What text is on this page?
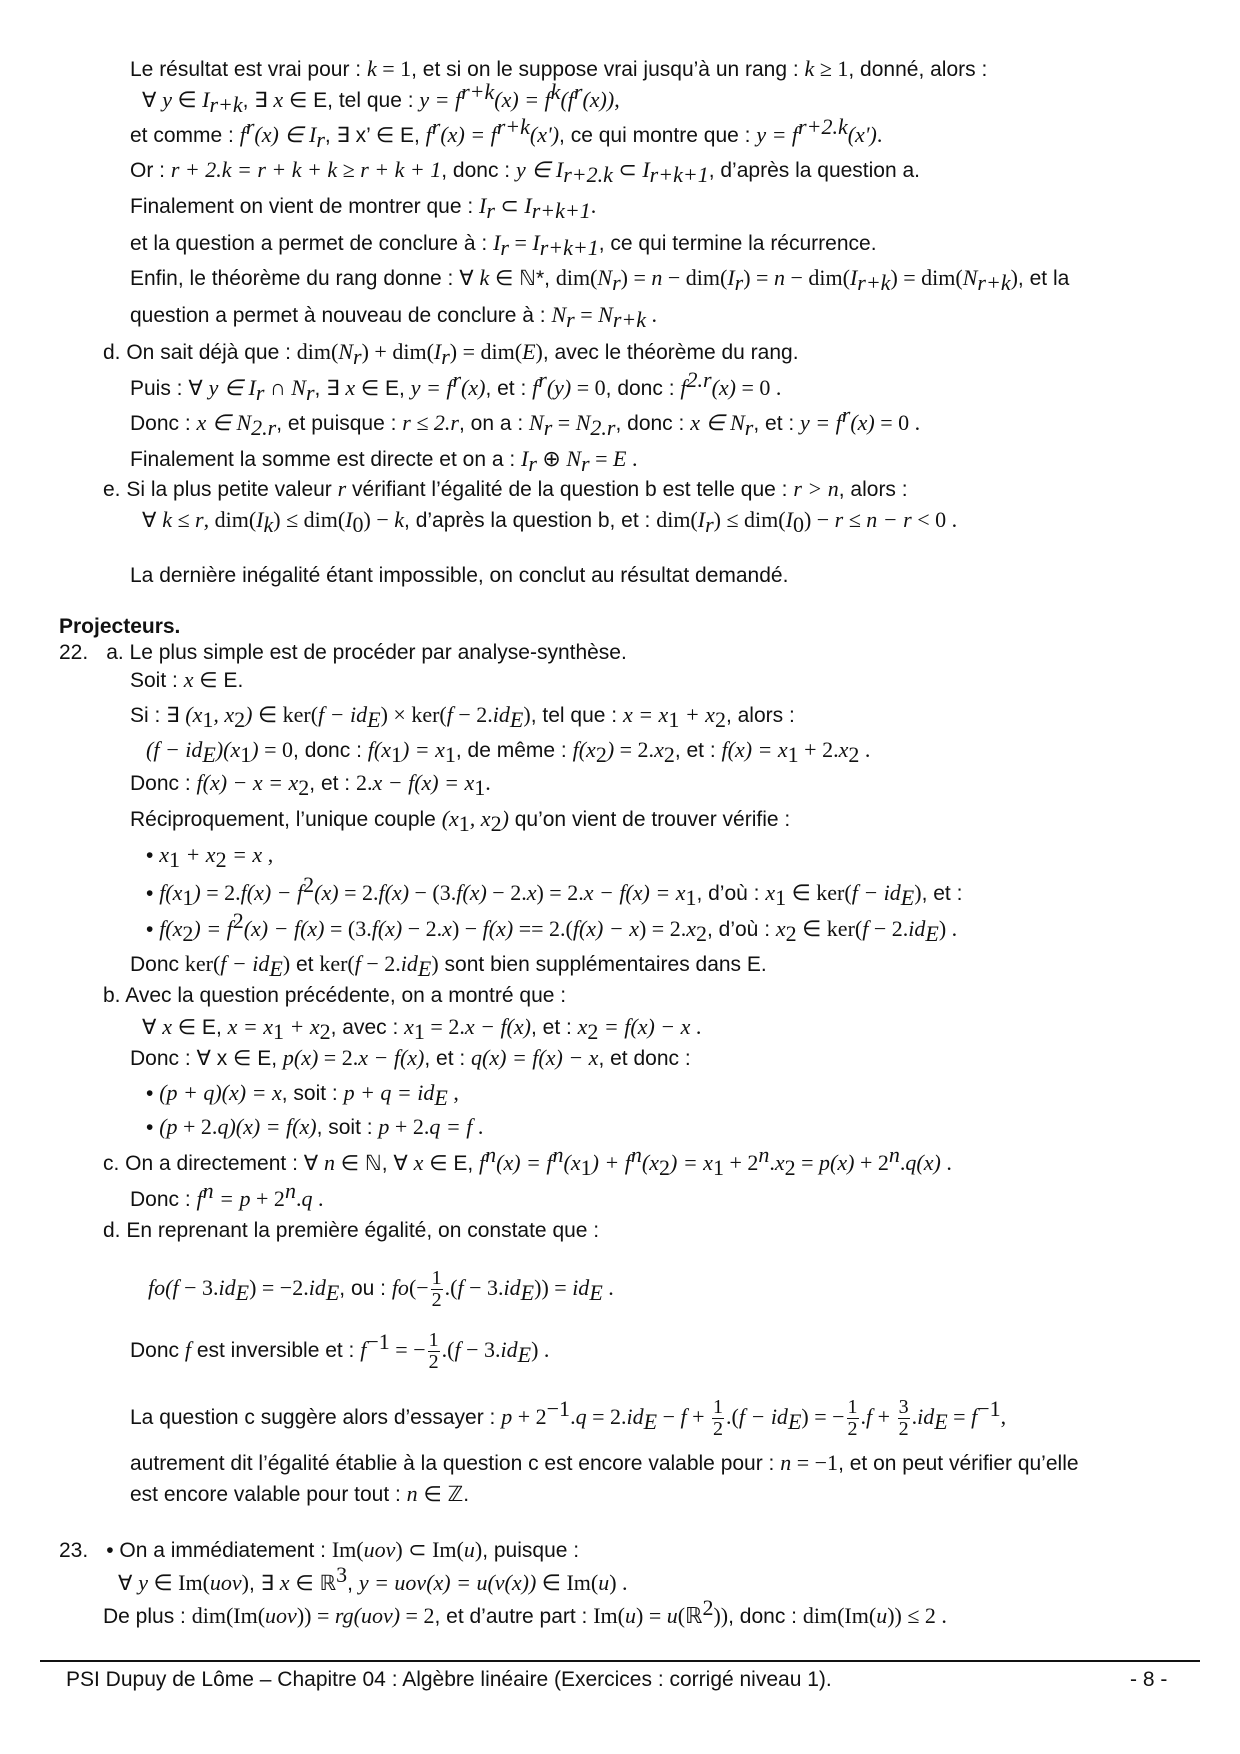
Le résultat est vrai pour : k = 1, et si on le suppose vrai jusqu’à un rang : k ≥ 1, donné, alors :
∀ y ∈ $I_{r+k}$, ∃ x ∈ E, tel que : $y = f^{r+k}(x) = f^k(f^r(x))$,
et comme : $f^r(x)$ ∈ $I_r$, ∃ x’ ∈ E, $f^r(x) = f^{r+k}(x')$, ce qui montre que : $y = f^{r+2.k}(x')$.
Or : r + 2.k = r + k + k ≥ r + k + 1, donc : y ∈ $I_{r+2.k}$ ⊂ $I_{r+k+1}$, d’après la question a.
Finalement on vient de montrer que : $I_r$ ⊂ $I_{r+k+1}$.
et la question a permet de conclure à : $I_r = I_{r+k+1}$, ce qui termine la récurrence.
Enfin, le théorème du rang donne : ∀ k ∈ ℕ*, $dim(N_r) = n - dim(I_r) = n - dim(I_{r+k}) = dim(N_{r+k})$, et la
question a permet à nouveau de conclure à : $N_r = N_{r+k}$ .
d. On sait déjà que : $dim(N_r) + dim(I_r) = dim(E)$, avec le théorème du rang.
Puis : ∀ y ∈ $I_r$ ∩ $N_r$, ∃ x ∈ E, $y = f^r(x)$, et : $f^r(y) = 0$, donc : $f^{2.r}(x) = 0$ .
Donc : x ∈ $N_{2.r}$, et puisque : r ≤ 2.r, on a : $N_r = N_{2.r}$, donc : x ∈ $N_r$, et : $y = f^r(x) = 0$ .
Finalement la somme est directe et on a : $I_r$ ⊕ $N_r = E$ .
e. Si la plus petite valeur r vérifiant l’égalité de la question b est telle que : r > n, alors :
∀ k ≤ r, $dim(I_k) \le dim(I_0) - k$, d’après la question b, et : $dim(I_r) \le dim(I_0) - r \le n - r < 0$ .
La dernière inégalité étant impossible, on conclut au résultat demandé.
Projecteurs.
22. a. Le plus simple est de procéder par analyse-synthèse.
Soit : x ∈ E.
Si : ∃ ($x_1$, $x_2$) ∈ $ker(f - id_E) \times ker(f - 2.id_E)$, tel que : $x = x_1 + x_2$, alors :
$(f - id_E)(x_1) = 0$, donc : $f(x_1) = x_1$, de même : $f(x_2) = 2.x_2$, et : $f(x) = x_1 + 2.x_2$ .
Donc : $f(x) - x = x_2$, et : $2.x - f(x) = x_1$.
Réciproquement, l’unique couple ($x_1$, $x_2$) qu’on vient de trouver vérifie :
• $x_1 + x_2 = x$ ,
• $f(x_1) = 2.f(x) - f^2(x) = 2.f(x) - (3.f(x) - 2.x) = 2.x - f(x) = x_1$, d’où : $x_1$ ∈ $ker(f - id_E)$, et :
• $f(x_2) = f^2(x) - f(x) = (3.f(x) - 2.x) - f(x) == 2.(f(x) - x) = 2.x_2$, d’où : $x_2$ ∈ $ker(f - 2.id_E)$ .
Donc $ker(f - id_E)$ et $ker(f - 2.id_E)$ sont bien supplémentaires dans E.
b. Avec la question précédente, on a montré que :
∀ x ∈ E, $x = x_1 + x_2$, avec : $x_1 = 2.x - f(x)$, et : $x_2 = f(x) - x$ .
Donc : ∀ x ∈ E, p(x) = 2.x − f(x), et : q(x) = f(x) − x, et donc :
• (p + q)(x) = x, soit : $p + q = id_E$ ,
• (p + 2.q)(x) = f(x), soit : p + 2.q = f .
c. On a directement : ∀ n ∈ ℕ, ∀ x ∈ E, $f^n(x) = f^n(x_1) + f^n(x_2) = x_1 + 2^n.x_2 = p(x) + 2^n.q(x)$ .
Donc : $f^n = p + 2^n.q$ .
d. En reprenant la première égalité, on constate que :
$fo(f - 3.id_E) = -2.id_E$, ou : $fo(- \frac{1}{2} .(f - 3.id_E)) = id_E$ .
Donc f est inversible et : $f^{-1}$ = − $\frac{1}{2} .(f - 3.id_E)$ .
La question c suggère alors d’essayer : $p + 2^{-1}.q = 2.id_E - f + \frac{1}{2} .(f - id_E)$ = − $\frac{1}{2} .f + \frac{3}{2} .id_E = f^{-1}$,
autrement dit l’égalité établie à la question c est encore valable pour : n = −1, et on peut vérifier qu’elle
est encore valable pour tout : n ∈ ℤ.
23. • On a immédiatement : Im(uov) ⊂ Im(u), puisque :
∀ y ∈ Im(uov), ∃ x ∈ ℝ$^3$, y = uov(x) = u(v(x)) ∈ Im(u) .
De plus : dim(Im(uov)) = rg(uov) = 2, et d’autre part : Im(u) = u(ℝ$^2$)), donc : dim(Im(u)) ≤ 2 .
PSI Dupuy de Lôme – Chapitre 04 : Algèbre linéaire (Exercices : corrigé niveau 1).	- 8 -
